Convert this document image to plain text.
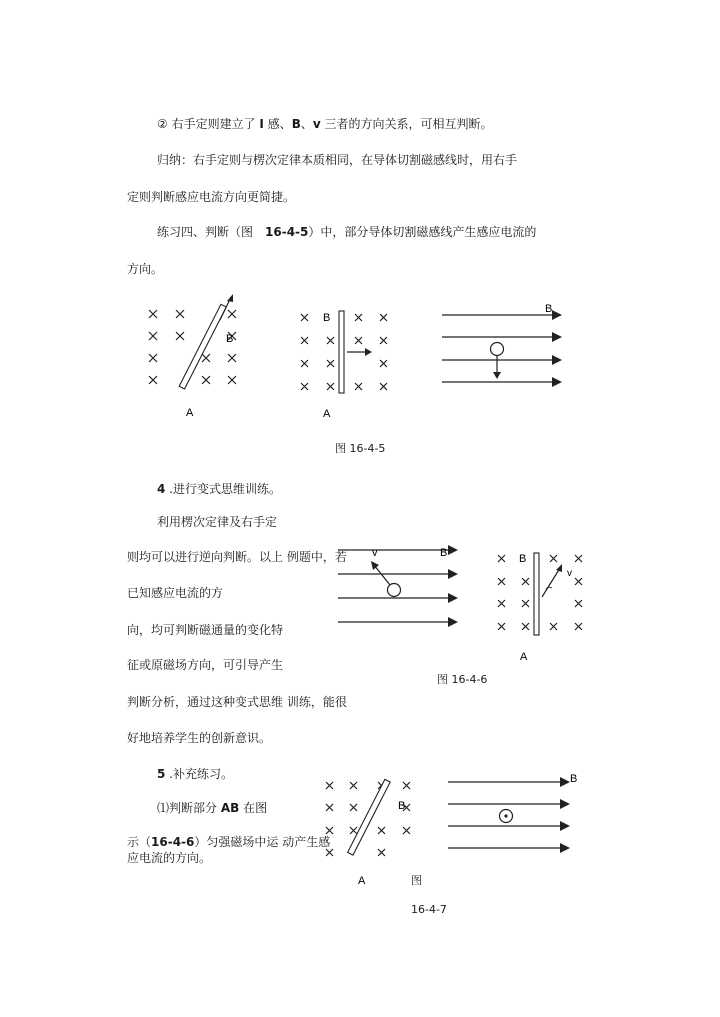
② 右手定则建立了 I 感、B、v 三者的方向关系，可相互判断。
归纳：右手定则与楞次定律本质相同，在导体切割磁感线时，用右手
定则判断感应电流方向更简捷。
练习四、判断（图　16-4-5）中，部分导体切割磁感线产生感应电流的
方向。
B
A
B
A
B
图 16-4-5
4 .进行变式思维训练。
利用楞次定律及右手定
则均可以进行逆向判断。以上 例题中，若
已知感应电流的方
向，均可判断磁通量的变化特
征或原磁场方向，可引导产生
判断分析，通过这种变式思维 训练，能很
好地培养学生的创新意识。
v	B
v
B
A
图 16-4-6
5 .补充练习。
⑴判断部分 AB 在图
示（16-4-6）匀强磁场中运 动产生感
应电流的方向。
B
A
B
图
16-4-7
